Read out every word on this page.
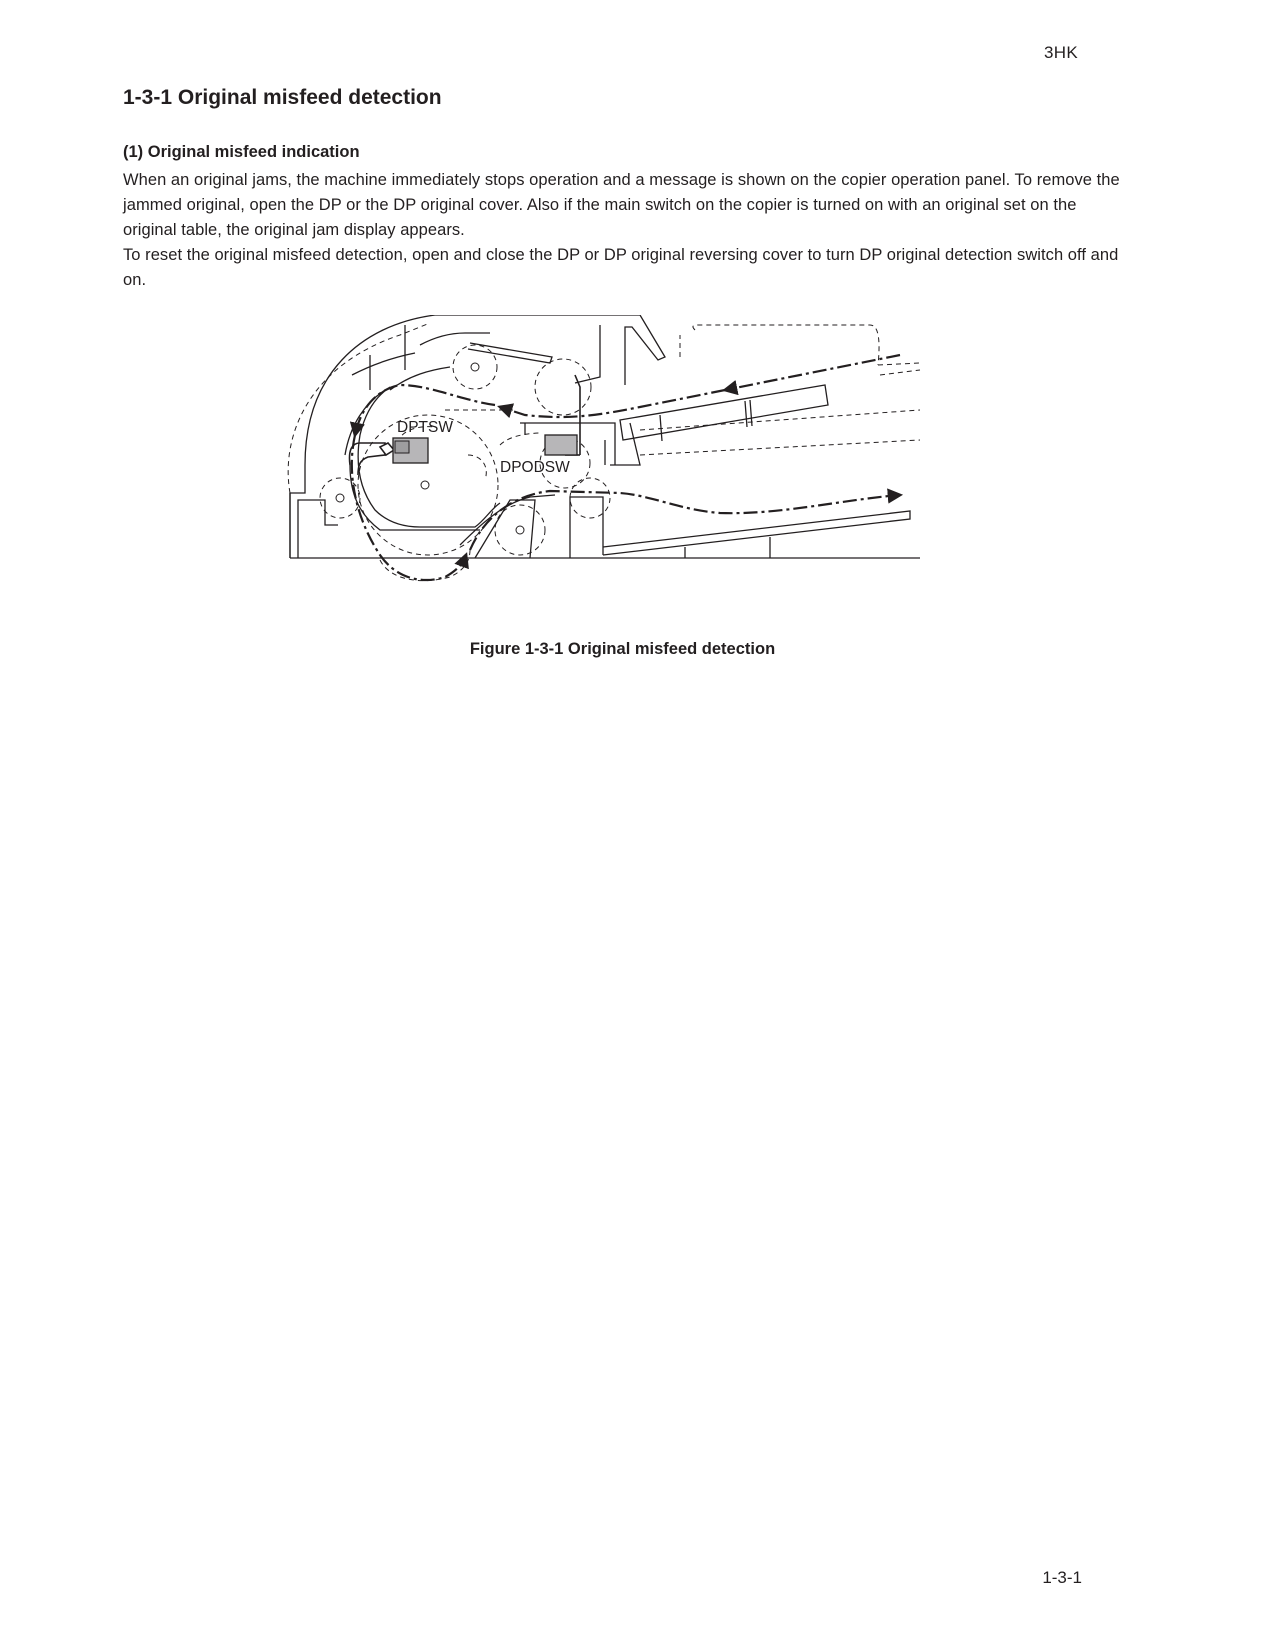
3HK
1-3-1 Original misfeed detection
(1) Original misfeed indication

When an original jams, the machine immediately stops operation and a message is shown on the copier operation panel. To remove the jammed original, open the DP or the DP original cover. Also if the main switch on the copier is turned on with an original set on the original table, the original jam display appears.

To reset the original misfeed detection, open and close the DP or DP original reversing cover to turn DP original detection switch off and on.

DPTSW
DPODSW
Figure 1-3-1 Original misfeed detection
1-3-1
